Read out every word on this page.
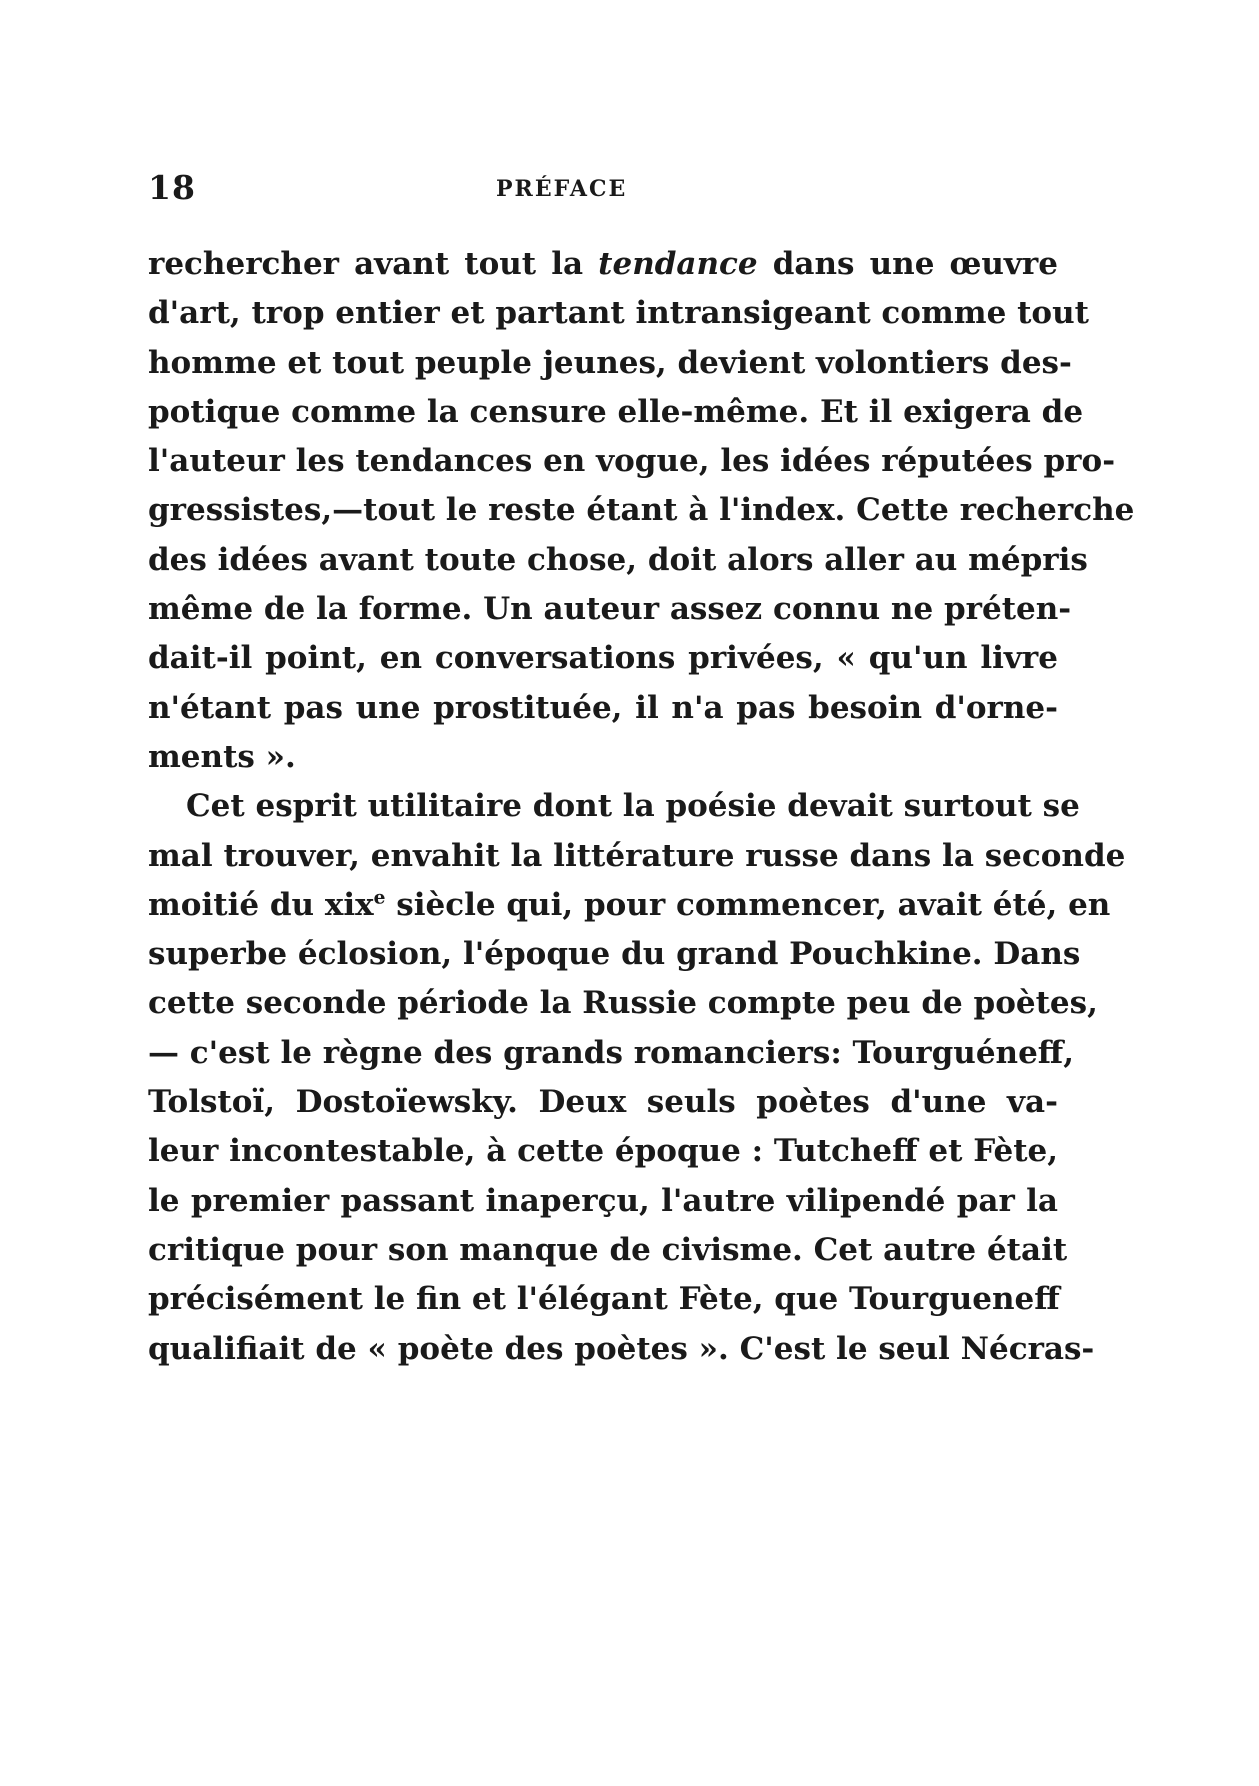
18	PRÉFACE
rechercher avant tout la tendance dans une œuvre
d'art, trop entier et partant intransigeant comme tout
homme et tout peuple jeunes, devient volontiers des-
potique comme la censure elle-même. Et il exigera de
l'auteur les tendances en vogue, les idées réputées pro-
gressistes,—tout le reste étant à l'index. Cette recherche
des idées avant toute chose, doit alors aller au mépris
même de la forme. Un auteur assez connu ne préten-
dait-il point, en conversations privées, « qu'un livre
n'étant pas une prostituée, il n'a pas besoin d'orne-
ments ».
Cet esprit utilitaire dont la poésie devait surtout se
mal trouver, envahit la littérature russe dans la seconde
moitié du xix$^e$ siècle qui, pour commencer, avait été, en
superbe éclosion, l'époque du grand Pouchkine. Dans
cette seconde période la Russie compte peu de poètes,
— c'est le règne des grands romanciers: Tourguéneff,
Tolstoï, Dostoïewsky. Deux seuls poètes d'une va-
leur incontestable, à cette époque : Tutcheff et Fète,
le premier passant inaperçu, l'autre vilipendé par la
critique pour son manque de civisme. Cet autre était
précisément le fin et l'élégant Fète, que Tourgueneff
qualifiait de « poète des poètes ». C'est le seul Nécras-
